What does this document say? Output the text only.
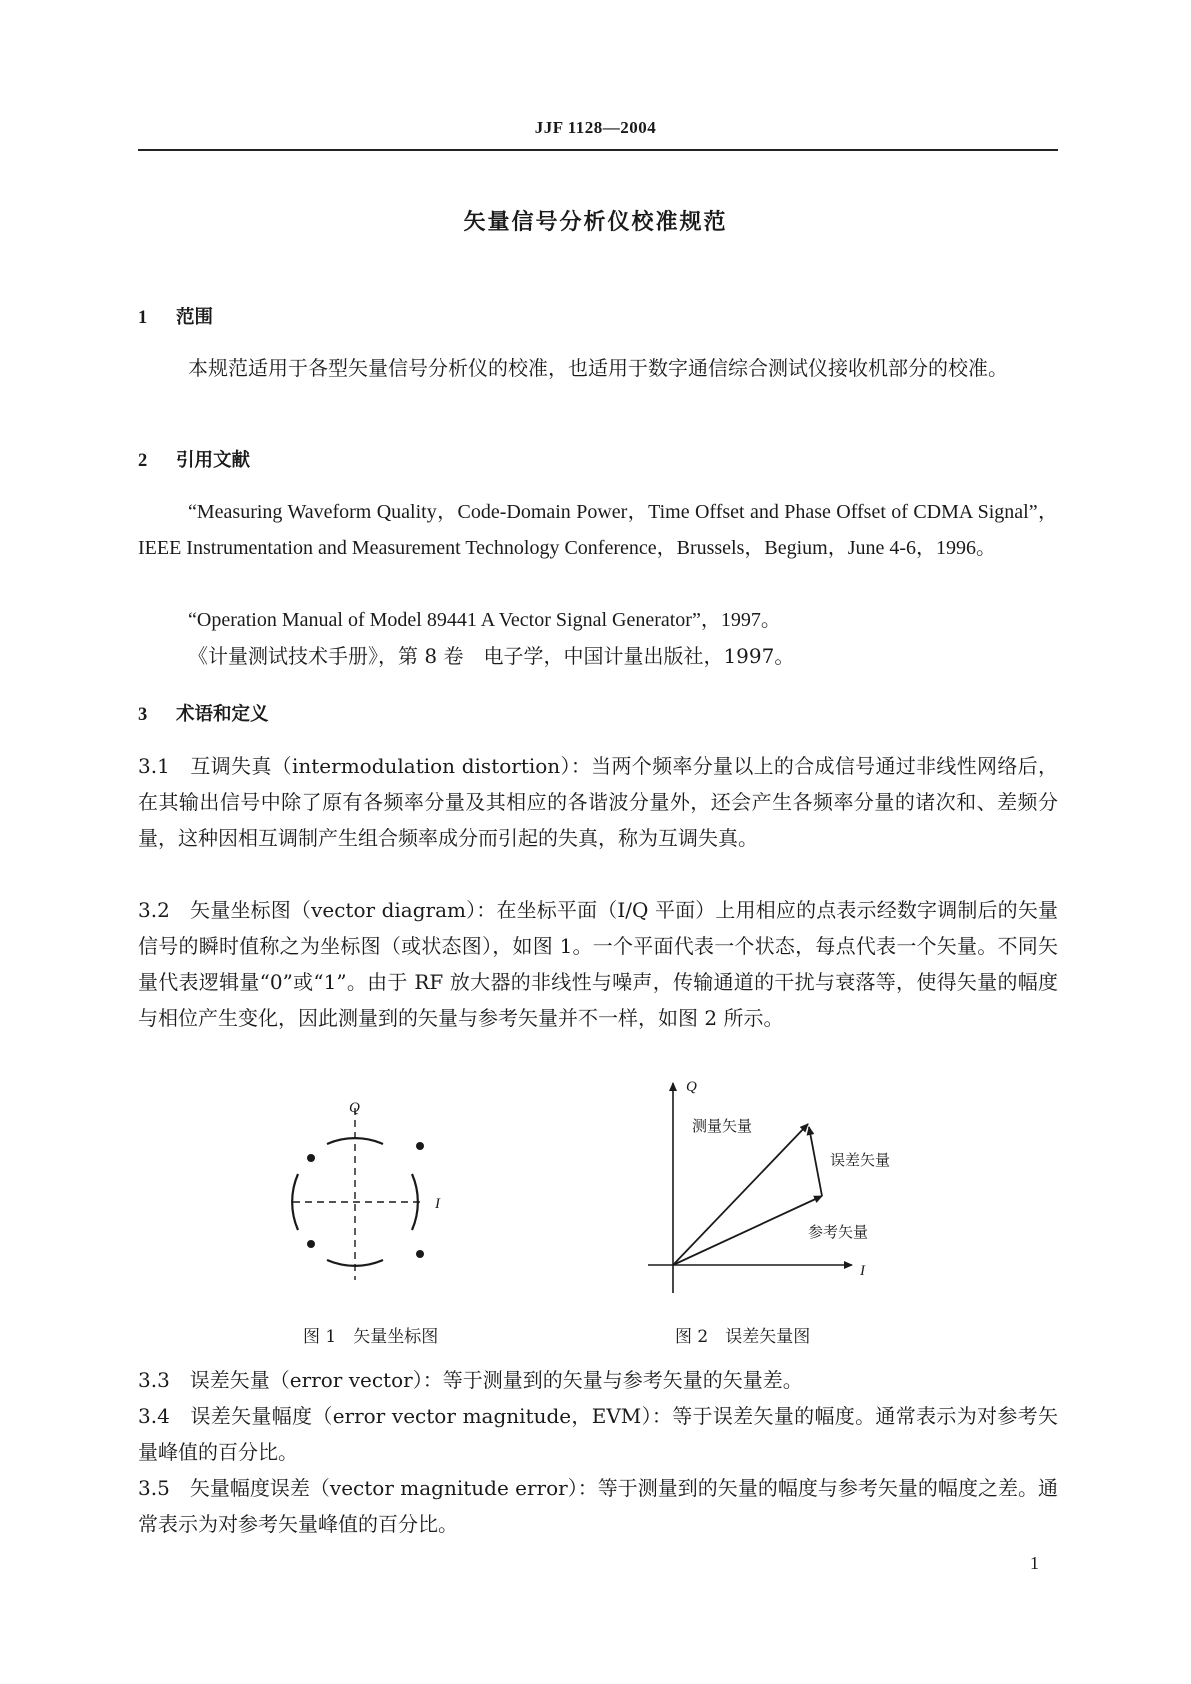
JJF 1128—2004
矢量信号分析仪校准规范
1 范围
本规范适用于各型矢量信号分析仪的校准，也适用于数字通信综合测试仪接收机部分的校准。
2 引用文献
“Measuring Waveform Quality，Code-Domain Power，Time Offset and Phase Offset of CDMA Signal”，IEEE Instrumentation and Measurement Technology Conference，Brussels，Begium，June 4-6，1996。
“Operation Manual of Model 89441 A Vector Signal Generator”，1997。
《计量测试技术手册》，第 8 卷　电子学，中国计量出版社，1997。
3 术语和定义
3.1　互调失真（intermodulation distortion）：当两个频率分量以上的合成信号通过非线性网络后，在其输出信号中除了原有各频率分量及其相应的各谐波分量外，还会产生各频率分量的诸次和、差频分量，这种因相互调制产生组合频率成分而引起的失真，称为互调失真。
3.2　矢量坐标图（vector diagram）：在坐标平面（I/Q 平面）上用相应的点表示经数字调制后的矢量信号的瞬时值称之为坐标图（或状态图），如图 1。一个平面代表一个状态，每点代表一个矢量。不同矢量代表逻辑量“0”或“1”。由于 RF 放大器的非线性与噪声，传输通道的干扰与衰落等，使得矢量的幅度与相位产生变化，因此测量到的矢量与参考矢量并不一样，如图 2 所示。
Q
I
图 1　矢量坐标图
Q
I
测量矢量
误差矢量
参考矢量
图 2　误差矢量图
3.3　误差矢量（error vector）：等于测量到的矢量与参考矢量的矢量差。
3.4　误差矢量幅度（error vector magnitude，EVM）：等于误差矢量的幅度。通常表示为对参考矢量峰值的百分比。
3.5　矢量幅度误差（vector magnitude error）：等于测量到的矢量的幅度与参考矢量的幅度之差。通常表示为对参考矢量峰值的百分比。
1
